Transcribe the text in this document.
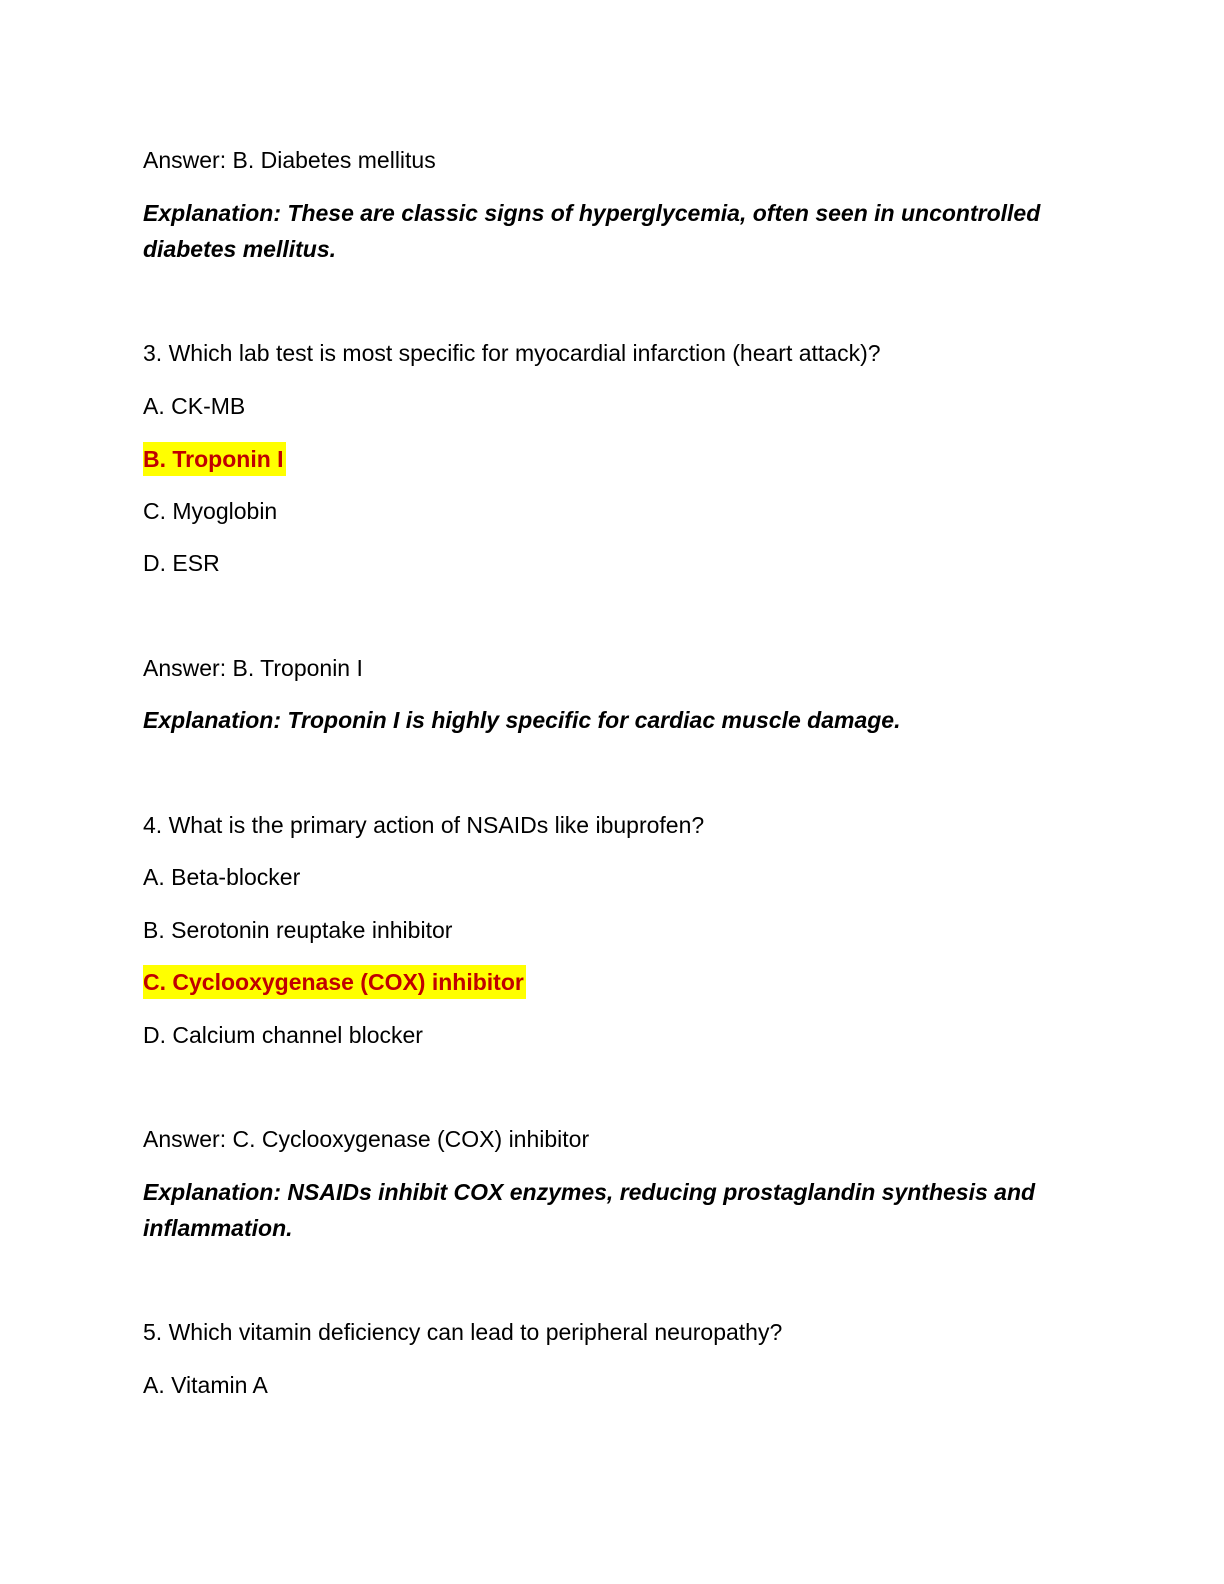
Answer: B. Diabetes mellitus

Explanation: These are classic signs of hyperglycemia, often seen in uncontrolled diabetes mellitus.

3. Which lab test is most specific for myocardial infarction (heart attack)?

A. CK-MB

B. Troponin I

C. Myoglobin

D. ESR

Answer: B. Troponin I

Explanation: Troponin I is highly specific for cardiac muscle damage.

4. What is the primary action of NSAIDs like ibuprofen?

A. Beta-blocker

B. Serotonin reuptake inhibitor

C. Cyclooxygenase (COX) inhibitor

D. Calcium channel blocker

Answer: C. Cyclooxygenase (COX) inhibitor

Explanation: NSAIDs inhibit COX enzymes, reducing prostaglandin synthesis and inflammation.

5. Which vitamin deficiency can lead to peripheral neuropathy?

A. Vitamin A
